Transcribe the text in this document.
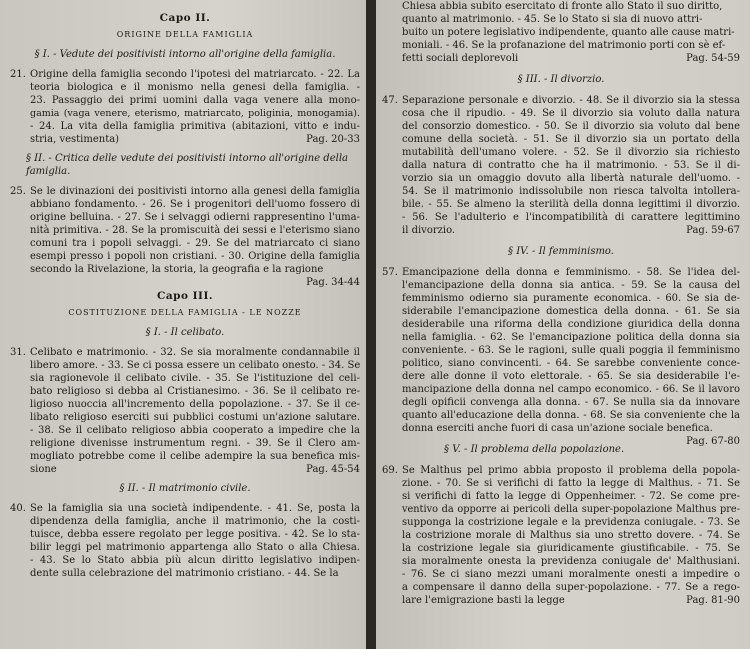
Capo II.
ORIGINE DELLA FAMIGLIA
§ I. - Vedute dei positivisti intorno all'origine della famiglia.
21. Origine della famiglia secondo l'ipotesi del matriarcato. - 22. La
teoria biologica e il monismo nella genesi della famiglia. -
23. Passaggio dei primi uomini dalla vaga venere alla mono-
gamia (vaga venere, eterismo, matriarcato, poliginia, monogamia).
- 24. La vita della famiglia primitiva (abitazioni, vitto e indu-
stria, vestimenta)	Pag. 20-33
§ II. - Critica delle vedute dei positivisti intorno all'origine della
famiglia.
25. Se le divinazioni dei positivisti intorno alla genesi della famiglia
abbiano fondamento. - 26. Se i progenitori dell'uomo fossero di
origine belluina. - 27. Se i selvaggi odierni rappresentino l'uma-
nità primitiva. - 28. Se la promiscuità dei sessi e l'eterismo siano
comuni tra i popoli selvaggi. - 29. Se del matriarcato ci siano
esempi presso i popoli non cristiani. - 30. Origine della famiglia
secondo la Rivelazione, la storia, la geografia e la ragione
Pag. 34-44
Capo III.
COSTITUZIONE DELLA FAMIGLIA - LE NOZZE
§ I. - Il celibato.
31. Celibato e matrimonio. - 32. Se sia moralmente condannabile il
libero amore. - 33. Se ci possa essere un celibato onesto. - 34. Se
sia ragionevole il celibato civile. - 35. Se l'istituzione del celi-
bato religioso si debba al Cristianesimo. - 36. Se il celibato re-
ligioso nuoccia all'incremento della popolazione. - 37. Se il ce-
libato religioso eserciti sui pubblici costumi un'azione salutare.
- 38. Se il celibato religioso abbia cooperato a impedire che la
religione divenisse instrumentum regni. - 39. Se il Clero am-
mogliato potrebbe come il celibe adempire la sua benefica mis-
sione	Pag. 45-54
§ II. - Il matrimonio civile.
40. Se la famiglia sia una società indipendente. - 41. Se, posta la
dipendenza della famiglia, anche il matrimonio, che la costi-
tuisce, debba essere regolato per legge positiva. - 42. Se lo sta-
bilir leggi pel matrimonio appartenga allo Stato o alla Chiesa.
- 43. Se lo Stato abbia più alcun diritto legislativo indipen-
dente sulla celebrazione del matrimonio cristiano. - 44. Se la
Chiesa abbia subito esercitato di fronte allo Stato il suo diritto,
quanto al matrimonio. - 45. Se lo Stato si sia di nuovo attri-
buito un potere legislativo indipendente, quanto alle cause matri-
moniali. - 46. Se la profanazione del matrimonio porti con sè ef-
fetti sociali deplorevoli	Pag. 54-59
§ III. - Il divorzio.
47. Separazione personale e divorzio. - 48. Se il divorzio sia la stessa
cosa che il ripudio. - 49. Se il divorzio sia voluto dalla natura
del consorzio domestico. - 50. Se il divorzio sia voluto dal bene
comune della società. - 51. Se il divorzio sia un portato della
mutabilità dell'umano volere. - 52. Se il divorzio sia richiesto
dalla natura di contratto che ha il matrimonio. - 53. Se il di-
vorzio sia un omaggio dovuto alla libertà naturale dell'uomo. -
54. Se il matrimonio indissolubile non riesca talvolta intollera-
bile. - 55. Se almeno la sterilità della donna legittimi il divorzio.
- 56. Se l'adulterio e l'incompatibilità di carattere legittimino
il divorzio.	Pag. 59-67
§ IV. - Il femminismo.
57. Emancipazione della donna e femminismo. - 58. Se l'idea del-
l'emancipazione della donna sia antica. - 59. Se la causa del
femminismo odierno sia puramente economica. - 60. Se sia de-
siderabile l'emancipazione domestica della donna. - 61. Se sia
desiderabile una riforma della condizione giuridica della donna
nella famiglia. - 62. Se l'emancipazione politica della donna sia
conveniente. - 63. Se le ragioni, sulle quali poggia il femminismo
politico, siano convincenti. - 64. Se sarebbe conveniente conce-
dere alle donne il voto elettorale. - 65. Se sia desiderabile l'e-
mancipazione della donna nel campo economico. - 66. Se il lavoro
degli opificii convenga alla donna. - 67. Se nulla sia da innovare
quanto all'educazione della donna. - 68. Se sia conveniente che la
donna eserciti anche fuori di casa un'azione sociale benefica.
Pag. 67-80
§ V. - Il problema della popolazione.
69. Se Malthus pel primo abbia proposto il problema della popola-
zione. - 70. Se si verifichi di fatto la legge di Malthus. - 71. Se
si verifichi di fatto la legge di Oppenheimer. - 72. Se come pre-
ventivo da opporre ai pericoli della super-popolazione Malthus pre-
supponga la costrizione legale e la previdenza coniugale. - 73. Se
la costrizione morale di Malthus sia uno stretto dovere. - 74. Se
la costrizione legale sia giuridicamente giustificabile. - 75. Se
sia moralmente onesta la previdenza coniugale de' Malthusiani.
- 76. Se ci siano mezzi umani moralmente onesti a impedire o
a compensare il danno della super-popolazione. - 77. Se a rego-
lare l'emigrazione basti la legge	Pag. 81-90
